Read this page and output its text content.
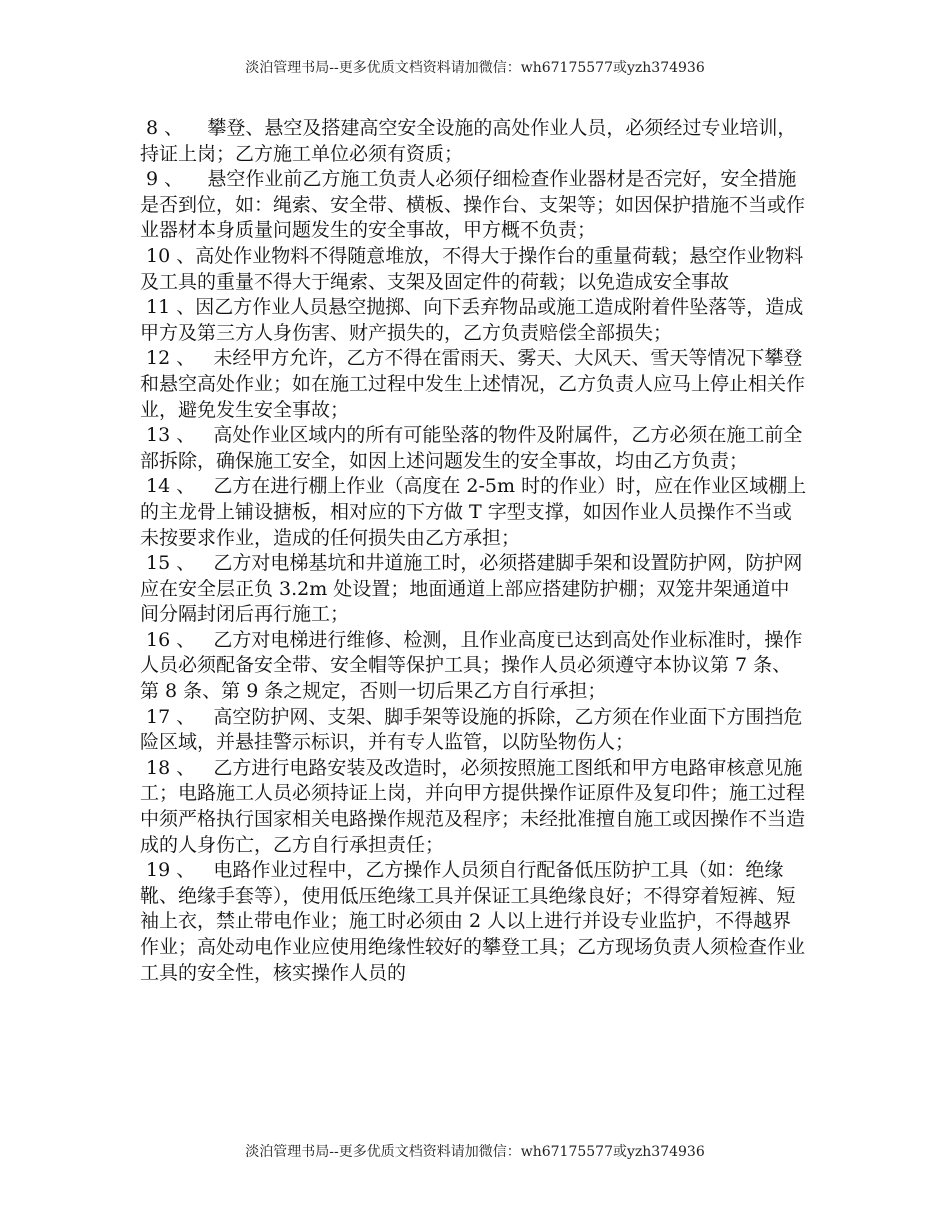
淡泊管理书局--更多优质文档资料请加微信：wh67175577或yzh374936

8 、    攀登、悬空及搭建高空安全设施的高处作业人员，必须经过专业培训，持证上岗；乙方施工单位必须有资质；

9 、    悬空作业前乙方施工负责人必须仔细检查作业器材是否完好，安全措施是否到位，如：绳索、安全带、横板、操作台、支架等；如因保护措施不当或作业器材本身质量问题发生的安全事故，甲方概不负责；

10 、高处作业物料不得随意堆放，不得大于操作台的重量荷载；悬空作业物料及工具的重量不得大于绳索、支架及固定件的荷载；以免造成安全事故

11 、因乙方作业人员悬空抛掷、向下丢弃物品或施工造成附着件坠落等，造成甲方及第三方人身伤害、财产损失的，乙方负责赔偿全部损失；

12 、   未经甲方允许，乙方不得在雷雨天、雾天、大风天、雪天等情况下攀登和悬空高处作业；如在施工过程中发生上述情况，乙方负责人应马上停止相关作业，避免发生安全事故；

13 、   高处作业区域内的所有可能坠落的物件及附属件，乙方必须在施工前全部拆除，确保施工安全，如因上述问题发生的安全事故，均由乙方负责；

14 、   乙方在进行棚上作业（高度在 2-5m 时的作业）时，应在作业区域棚上的主龙骨上铺设搪板，相对应的下方做 T 字型支撑，如因作业人员操作不当或未按要求作业，造成的任何损失由乙方承担；

15 、   乙方对电梯基坑和井道施工时，必须搭建脚手架和设置防护网，防护网应在安全层正负 3.2m 处设置；地面通道上部应搭建防护棚；双笼井架通道中间分隔封闭后再行施工；

16 、   乙方对电梯进行维修、检测，且作业高度已达到高处作业标准时，操作人员必须配备安全带、安全帽等保护工具；操作人员必须遵守本协议第 7 条、第 8 条、第 9 条之规定，否则一切后果乙方自行承担；

17 、   高空防护网、支架、脚手架等设施的拆除，乙方须在作业面下方围挡危险区域，并悬挂警示标识，并有专人监管，以防坠物伤人；

18 、   乙方进行电路安装及改造时，必须按照施工图纸和甲方电路审核意见施工；电路施工人员必须持证上岗，并向甲方提供操作证原件及复印件；施工过程中须严格执行国家相关电路操作规范及程序；未经批准擅自施工或因操作不当造成的人身伤亡，乙方自行承担责任；

19 、   电路作业过程中，乙方操作人员须自行配备低压防护工具（如：绝缘靴、绝缘手套等），使用低压绝缘工具并保证工具绝缘良好；不得穿着短裤、短袖上衣，禁止带电作业；施工时必须由 2 人以上进行并设专业监护，不得越界作业；高处动电作业应使用绝缘性较好的攀登工具；乙方现场负责人须检查作业工具的安全性，核实操作人员的

淡泊管理书局--更多优质文档资料请加微信：wh67175577或yzh374936
